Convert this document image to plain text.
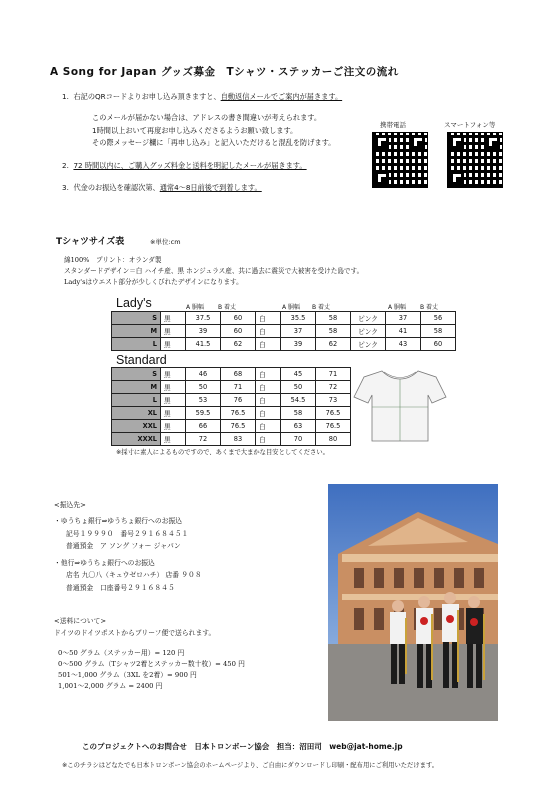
A Song for Japan グッズ募金　Tシャツ・ステッカーご注文の流れ
1. 右記のQRコードよりお申し込み頂きますと、自動返信メールでご案内が届きます。
このメールが届かない場合は、アドレスの書き間違いが考えられます。
1時間以上おいて再度お申し込みくださるようお願い致します。
その際メッセージ欄に「再申し込み」と記入いただけると混乱を防げます。
2. 72 時間以内に、ご購入グッズ料金と送料を明記したメールが届きます。
3. 代金のお振込を確認次第、通常4～8日前後で到着します。
携帯電話	スマートフォン等
Tシャツサイズ表	※単位:cm
綿100%　プリント：オランダ製
スタンダードデザイン＝白 ハイチ産、黒 ホンジュラス産、共に過去に震災で大被害を受けた島です。
Lady'sはウエスト部分が少しくびれたデザインになります。
Lady's	A 胴幅 B 着丈	A 胴幅 B 着丈	A 胴幅 B 着丈
S	黒	37.5	60	白	35.5	58	ピンク	37	56
M	黒	39	60	白	37	58	ピンク	41	58
L	黒	41.5	62	白	39	62	ピンク	43	60
Standard
S	黒	46	68	白	45	71
M	黒	50	71	白	50	72
L	黒	53	76	白	54.5	73
XL	黒	59.5	76.5	白	58	76.5
XXL	黒	66	76.5	白	63	76.5
XXXL	黒	72	83	白	70	80
※採寸に素人によるものですので、あくまで大まかな目安としてください。
<振込先>
・ゆうちょ銀行⇒ゆうちょ銀行へのお振込
記号１９９９０　番号２９１６８４５１
普通預金　ア ソング フォー ジャパン
・他行⇒ゆうちょ銀行へのお振込
店名 九〇八（キュウゼロハチ） 店番 ９０８
普通預金　口座番号２９１６８４５
<送料について>
ドイツのドイツポストからブリーフ便で送られます。
0～50 グラム（ステッカー用）= 120 円
0～500 グラム（Tシャツ2着とステッカー数十枚）= 450 円
501～1,000 グラム（3XL を2着）= 900 円
1,001～2,000 グラム = 2400 円
このプロジェクトへのお問合せ　日本トロンボーン協会　担当：沼田司　web@jat-home.jp
※このチラシはどなたでも日本トロンボーン協会のホームページより、ご自由にダウンロードし印刷・配布用にご利用いただけます。
